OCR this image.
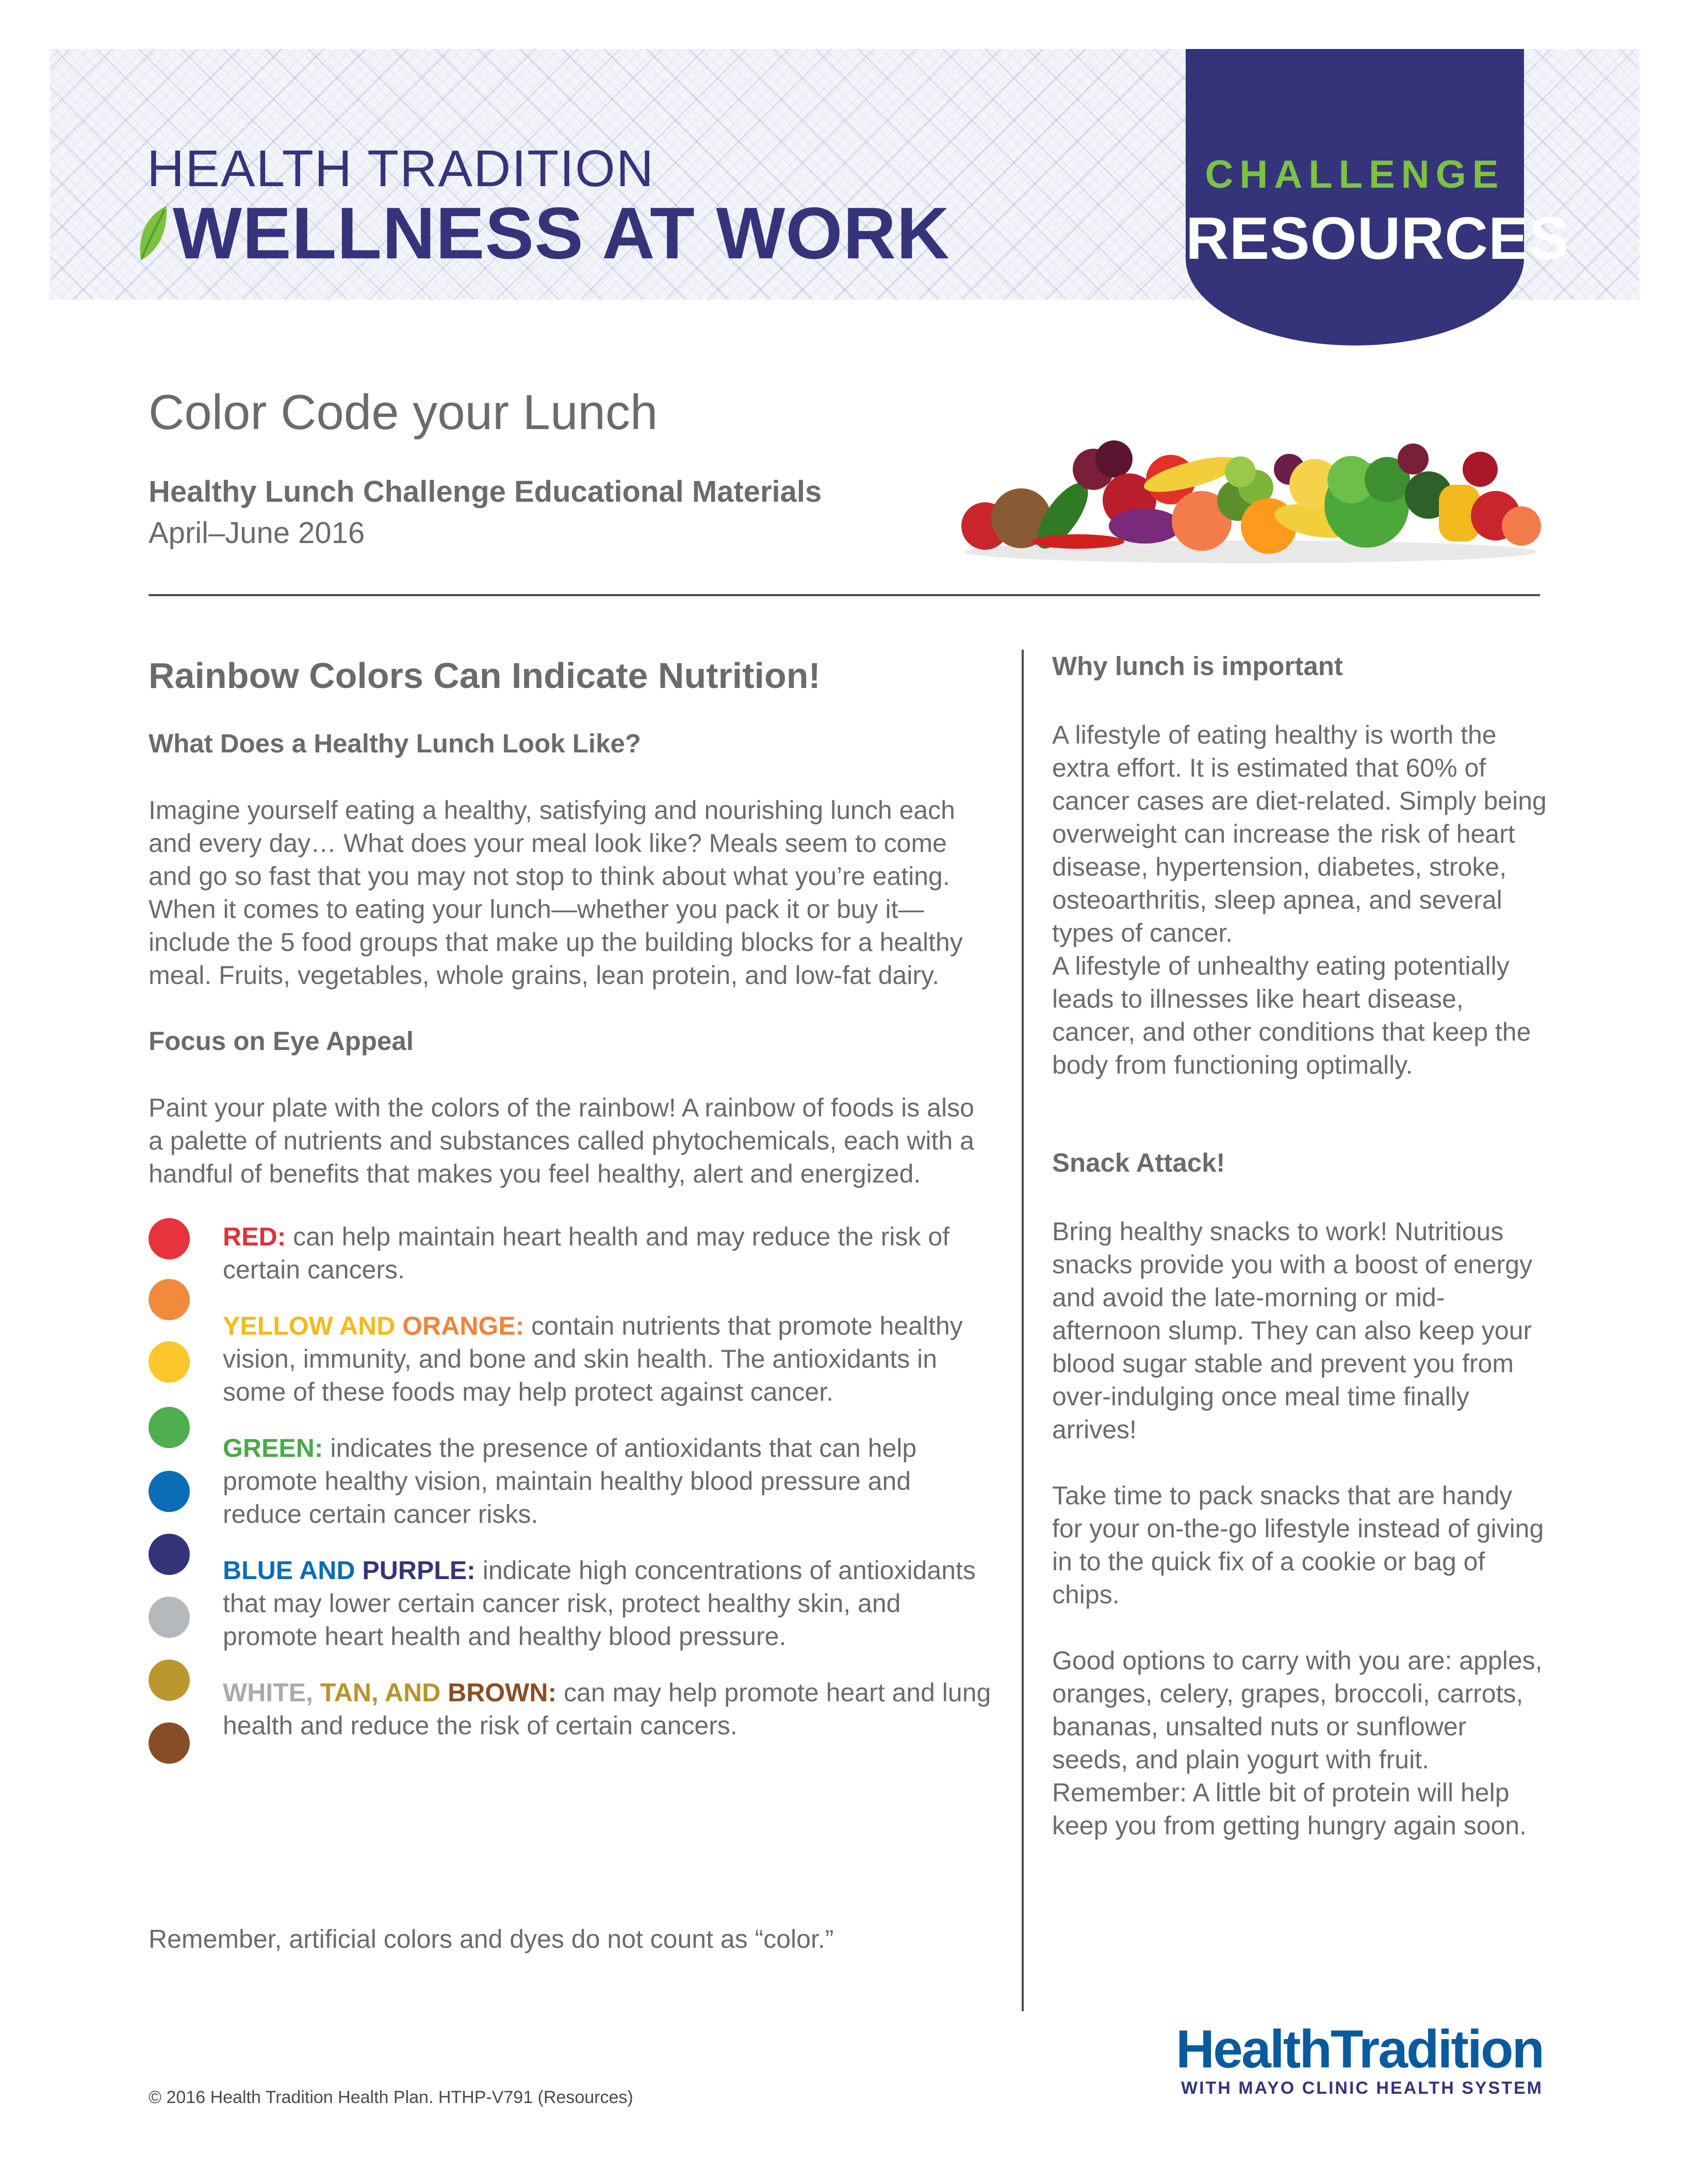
HEALTH TRADITION
WELLNESS AT WORK
CHALLENGE
RESOURCES
Color Code your Lunch
Healthy Lunch Challenge Educational Materials
April–June 2016

Rainbow Colors Can Indicate Nutrition!

What Does a Healthy Lunch Look Like?

Imagine yourself eating a healthy, satisfying and nourishing lunch each and every day… What does your meal look like? Meals seem to come and go so fast that you may not stop to think about what you’re eating. When it comes to eating your lunch—whether you pack it or buy it— include the 5 food groups that make up the building blocks for a healthy meal. Fruits, vegetables, whole grains, lean protein, and low-fat dairy.

Focus on Eye Appeal

Paint your plate with the colors of the rainbow! A rainbow of foods is also a palette of nutrients and substances called phytochemicals, each with a handful of benefits that makes you feel healthy, alert and energized.

RED: can help maintain heart health and may reduce the risk of certain cancers.

YELLOW AND ORANGE: contain nutrients that promote healthy vision, immunity, and bone and skin health. The antioxidants in some of these foods may help protect against cancer.

GREEN: indicates the presence of antioxidants that can help promote healthy vision, maintain healthy blood pressure and reduce certain cancer risks.

BLUE AND PURPLE: indicate high concentrations of antioxidants that may lower certain cancer risk, protect healthy skin, and promote heart health and healthy blood pressure.

WHITE, TAN, AND BROWN: can may help promote heart and lung health and reduce the risk of certain cancers.

Remember, artificial colors and dyes do not count as “color.”

Why lunch is important

A lifestyle of eating healthy is worth the extra effort. It is estimated that 60% of cancer cases are diet-related. Simply being overweight can increase the risk of heart disease, hypertension, diabetes, stroke, osteoarthritis, sleep apnea, and several types of cancer.

A lifestyle of unhealthy eating potentially leads to illnesses like heart disease, cancer, and other conditions that keep the body from functioning optimally.

Snack Attack!

Bring healthy snacks to work! Nutritious snacks provide you with a boost of energy and avoid the late-morning or mid-afternoon slump. They can also keep your blood sugar stable and prevent you from over-indulging once meal time finally arrives!

Take time to pack snacks that are handy for your on-the-go lifestyle instead of giving in to the quick fix of a cookie or bag of chips.

Good options to carry with you are: apples, oranges, celery, grapes, broccoli, carrots, bananas, unsalted nuts or sunflower seeds, and plain yogurt with fruit. Remember: A little bit of protein will help keep you from getting hungry again soon.

HealthTradition
WITH MAYO CLINIC HEALTH SYSTEM
© 2016 Health Tradition Health Plan. HTHP-V791 (Resources)
